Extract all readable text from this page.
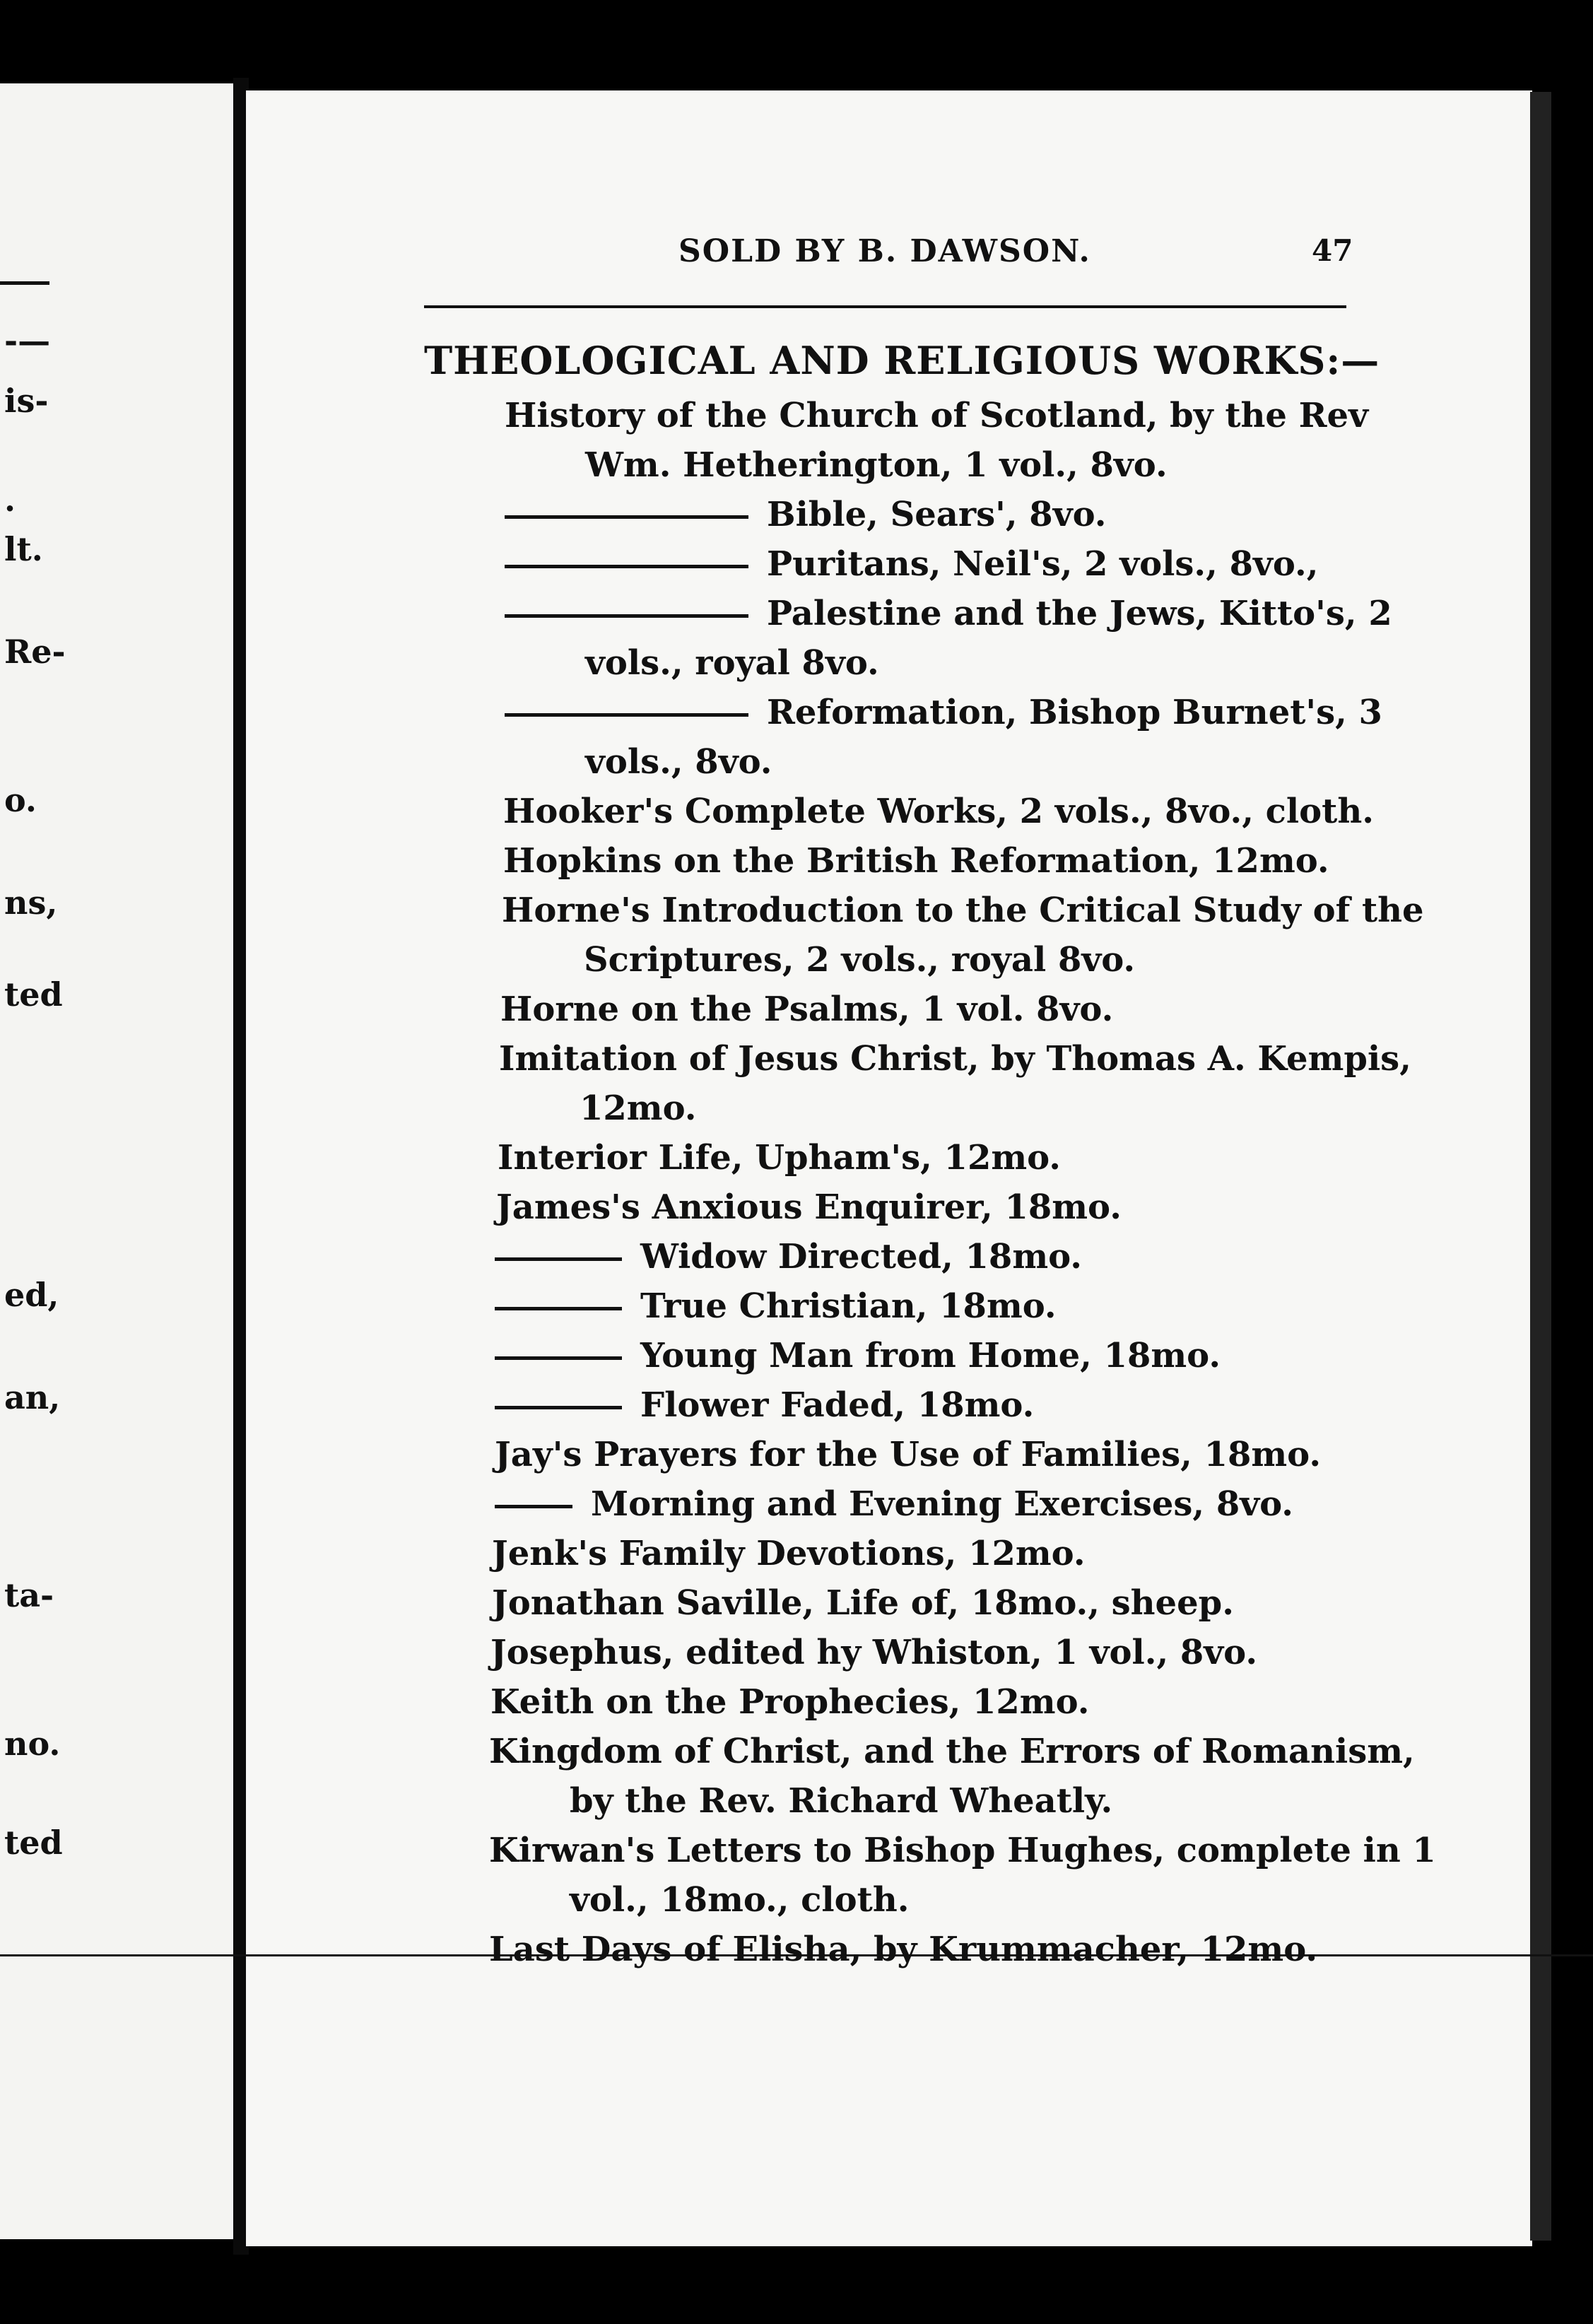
-—
is-
.
lt.
Re-
o.
ns,
ted
ed,
an,
ta-
no.
ted
SOLD BY B. DAWSON.	47
THEOLOGICAL AND RELIGIOUS WORKS:—
History of the Church of Scotland, by the Rev
Wm. Hetherington, 1 vol., 8vo.
Bible, Sears', 8vo.
Puritans, Neil's, 2 vols., 8vo.,
Palestine and the Jews, Kitto's, 2
vols., royal 8vo.
Reformation, Bishop Burnet's, 3
vols., 8vo.
Hooker's Complete Works, 2 vols., 8vo., cloth.
Hopkins on the British Reformation, 12mo.
Horne's Introduction to the Critical Study of the
Scriptures, 2 vols., royal 8vo.
Horne on the Psalms, 1 vol. 8vo.
Imitation of Jesus Christ, by Thomas A. Kempis,
12mo.
Interior Life, Upham's, 12mo.
James's Anxious Enquirer, 18mo.
Widow Directed, 18mo.
True Christian, 18mo.
Young Man from Home, 18mo.
Flower Faded, 18mo.
Jay's Prayers for the Use of Families, 18mo.
Morning and Evening Exercises, 8vo.
Jenk's Family Devotions, 12mo.
Jonathan Saville, Life of, 18mo., sheep.
Josephus, edited hy Whiston, 1 vol., 8vo.
Keith on the Prophecies, 12mo.
Kingdom of Christ, and the Errors of Romanism,
by the Rev. Richard Wheatly.
Kirwan's Letters to Bishop Hughes, complete in 1
vol., 18mo., cloth.
Last Days of Elisha, by Krummacher, 12mo.
